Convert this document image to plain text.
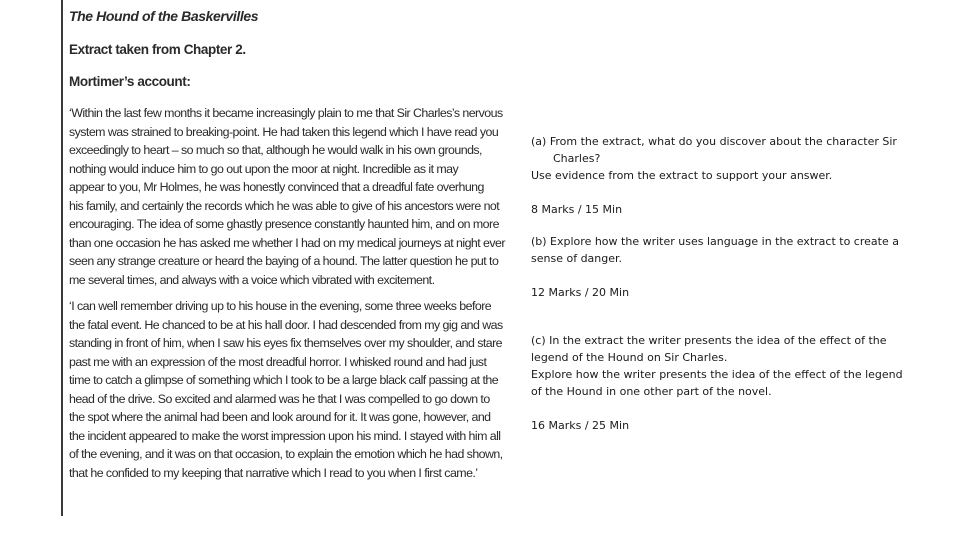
The Hound of the Baskervilles
Extract taken from Chapter 2.
Mortimer’s account:
‘Within the last few months it became increasingly plain to me that Sir Charles’s nervous
system was strained to breaking-point. He had taken this legend which I have read you
exceedingly to heart – so much so that, although he would walk in his own grounds,
nothing would induce him to go out upon the moor at night. Incredible as it may
appear to you, Mr Holmes, he was honestly convinced that a dreadful fate overhung
his family, and certainly the records which he was able to give of his ancestors were not
encouraging. The idea of some ghastly presence constantly haunted him, and on more
than one occasion he has asked me whether I had on my medical journeys at night ever
seen any strange creature or heard the baying of a hound. The latter question he put to
me several times, and always with a voice which vibrated with excitement.
‘I can well remember driving up to his house in the evening, some three weeks before
the fatal event. He chanced to be at his hall door. I had descended from my gig and was
standing in front of him, when I saw his eyes fix themselves over my shoulder, and stare
past me with an expression of the most dreadful horror. I whisked round and had just
time to catch a glimpse of something which I took to be a large black calf passing at the
head of the drive. So excited and alarmed was he that I was compelled to go down to
the spot where the animal had been and look around for it. It was gone, however, and
the incident appeared to make the worst impression upon his mind. I stayed with him all
of the evening, and it was on that occasion, to explain the emotion which he had shown,
that he confided to my keeping that narrative which I read to you when I first came.’

(a) From the extract, what do you discover about the character Sir

Charles?

Use evidence from the extract to support your answer.

8 Marks / 15 Min

(b) Explore how the writer uses language in the extract to create a

sense of danger.

12 Marks / 20 Min

(c) In the extract the writer presents the idea of the effect of the

legend of the Hound on Sir Charles.

Explore how the writer presents the idea of the effect of the legend

of the Hound in one other part of the novel.

16 Marks / 25 Min
